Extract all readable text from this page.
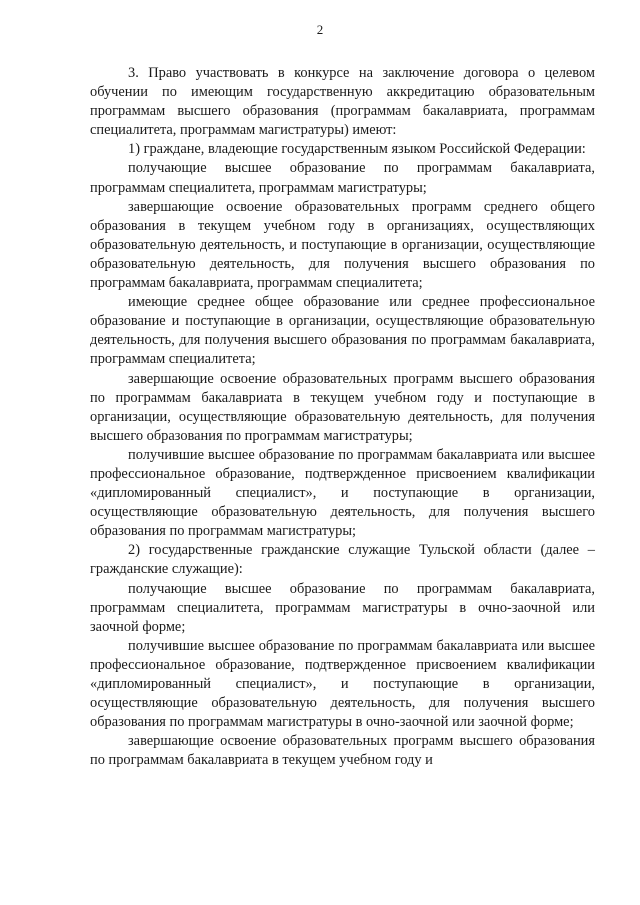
2

3. Право участвовать в конкурсе на заключение договора о целевом обучении по имеющим государственную аккредитацию образовательным программам высшего образования (программам бакалавриата, программам специалитета, программам магистратуры) имеют:

1) граждане, владеющие государственным языком Российской Федерации:

получающие высшее образование по программам бакалавриата, программам специалитета, программам магистратуры;

завершающие освоение образовательных программ среднего общего образования в текущем учебном году в организациях, осуществляющих образовательную деятельность, и поступающие в организации, осуществляющие образовательную деятельность, для получения высшего образования по программам бакалавриата, программам специалитета;

имеющие среднее общее образование или среднее профессиональное образование и поступающие в организации, осуществляющие образовательную деятельность, для получения высшего образования по программам бакалавриата, программам специалитета;

завершающие освоение образовательных программ высшего образования по программам бакалавриата в текущем учебном году и поступающие в организации, осуществляющие образовательную деятельность, для получения высшего образования по программам магистратуры;

получившие высшее образование по программам бакалавриата или высшее профессиональное образование, подтвержденное присвоением квалификации «дипломированный специалист», и поступающие в организации, осуществляющие образовательную деятельность, для получения высшего образования по программам магистратуры;

2) государственные гражданские служащие Тульской области (далее – гражданские служащие):

получающие высшее образование по программам бакалавриата, программам специалитета, программам магистратуры в очно-заочной или заочной форме;

получившие высшее образование по программам бакалавриата или высшее профессиональное образование, подтвержденное присвоением квалификации «дипломированный специалист», и поступающие в организации, осуществляющие образовательную деятельность, для получения высшего образования по программам магистратуры в очно-заочной или заочной форме;

завершающие освоение образовательных программ высшего образования по программам бакалавриата в текущем учебном году и
